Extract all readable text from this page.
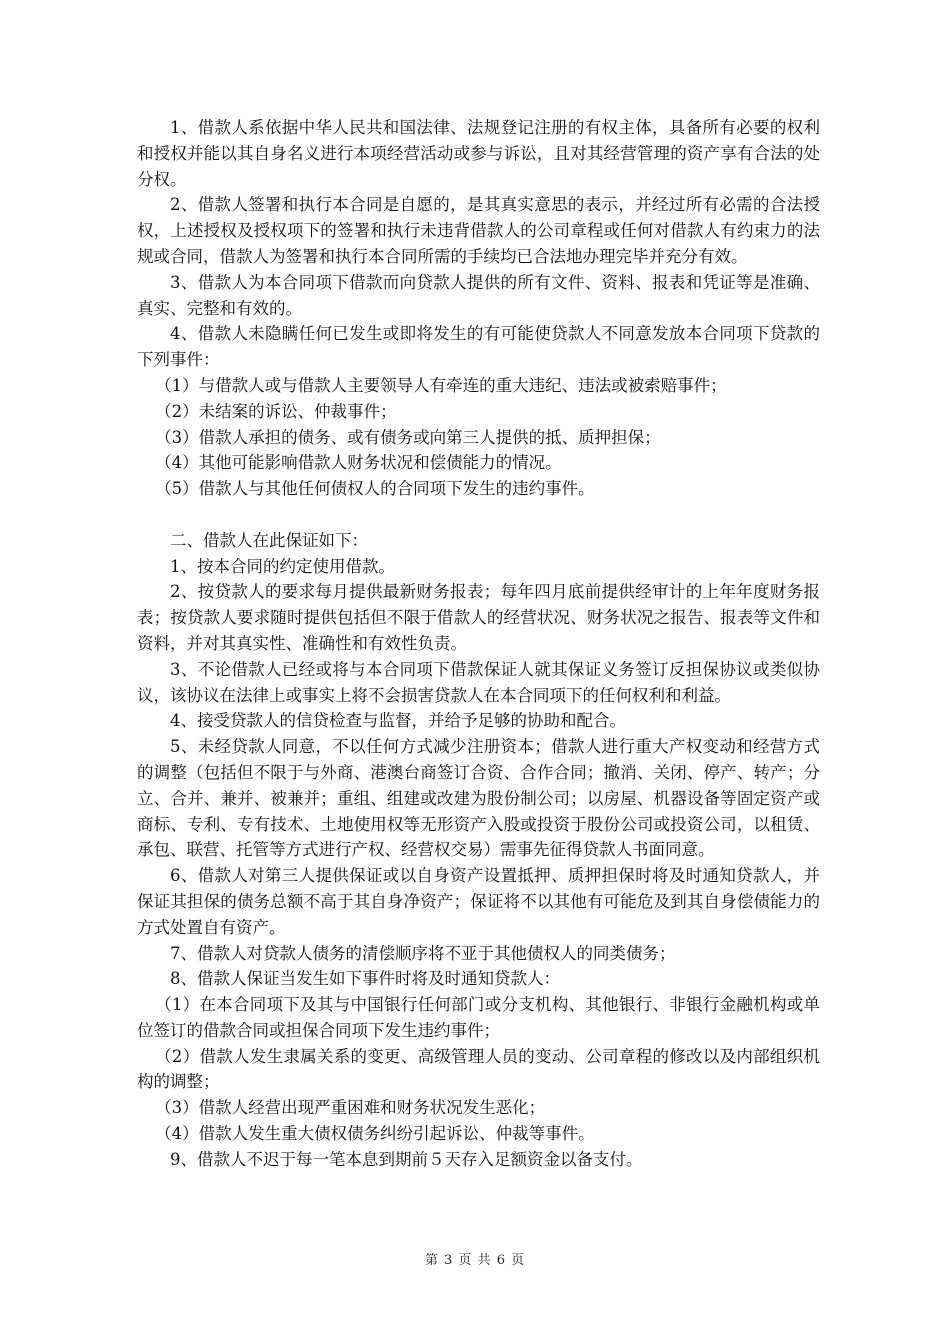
1、借款人系依据中华人民共和国法律、法规登记注册的有权主体，具备所有必要的权利和授权并能以其自身名义进行本项经营活动或参与诉讼，且对其经营管理的资产享有合法的处分权。

2、借款人签署和执行本合同是自愿的，是其真实意思的表示，并经过所有必需的合法授权，上述授权及授权项下的签署和执行未违背借款人的公司章程或任何对借款人有约束力的法规或合同，借款人为签署和执行本合同所需的手续均已合法地办理完毕并充分有效。

3、借款人为本合同项下借款而向贷款人提供的所有文件、资料、报表和凭证等是准确、真实、完整和有效的。

4、借款人未隐瞒任何已发生或即将发生的有可能使贷款人不同意发放本合同项下贷款的下列事件：

（1）与借款人或与借款人主要领导人有牵连的重大违纪、违法或被索赔事件；

（2）未结案的诉讼、仲裁事件；

（3）借款人承担的债务、或有债务或向第三人提供的抵、质押担保；

（4）其他可能影响借款人财务状况和偿债能力的情况。

（5）借款人与其他任何债权人的合同项下发生的违约事件。

二、借款人在此保证如下：

1、按本合同的约定使用借款。

2、按贷款人的要求每月提供最新财务报表；每年四月底前提供经审计的上年年度财务报表；按贷款人要求随时提供包括但不限于借款人的经营状况、财务状况之报告、报表等文件和资料，并对其真实性、准确性和有效性负责。

3、不论借款人已经或将与本合同项下借款保证人就其保证义务签订反担保协议或类似协议，该协议在法律上或事实上将不会损害贷款人在本合同项下的任何权利和利益。

4、接受贷款人的信贷检查与监督，并给予足够的协助和配合。

5、未经贷款人同意，不以任何方式减少注册资本；借款人进行重大产权变动和经营方式的调整（包括但不限于与外商、港澳台商签订合资、合作合同；撤消、关闭、停产、转产；分立、合并、兼并、被兼并；重组、组建或改建为股份制公司；以房屋、机器设备等固定资产或商标、专利、专有技术、土地使用权等无形资产入股或投资于股份公司或投资公司，以租赁、承包、联营、托管等方式进行产权、经营权交易）需事先征得贷款人书面同意。

6、借款人对第三人提供保证或以自身资产设置抵押、质押担保时将及时通知贷款人，并保证其担保的债务总额不高于其自身净资产；保证将不以其他有可能危及到其自身偿债能力的方式处置自有资产。

7、借款人对贷款人债务的清偿顺序将不亚于其他债权人的同类债务；

8、借款人保证当发生如下事件时将及时通知贷款人：

（1）在本合同项下及其与中国银行任何部门或分支机构、其他银行、非银行金融机构或单位签订的借款合同或担保合同项下发生违约事件；

（2）借款人发生隶属关系的变更、高级管理人员的变动、公司章程的修改以及内部组织机构的调整；

（3）借款人经营出现严重困难和财务状况发生恶化；

（4）借款人发生重大债权债务纠纷引起诉讼、仲裁等事件。

9、借款人不迟于每一笔本息到期前５天存入足额资金以备支付。

第 3 页 共 6 页
